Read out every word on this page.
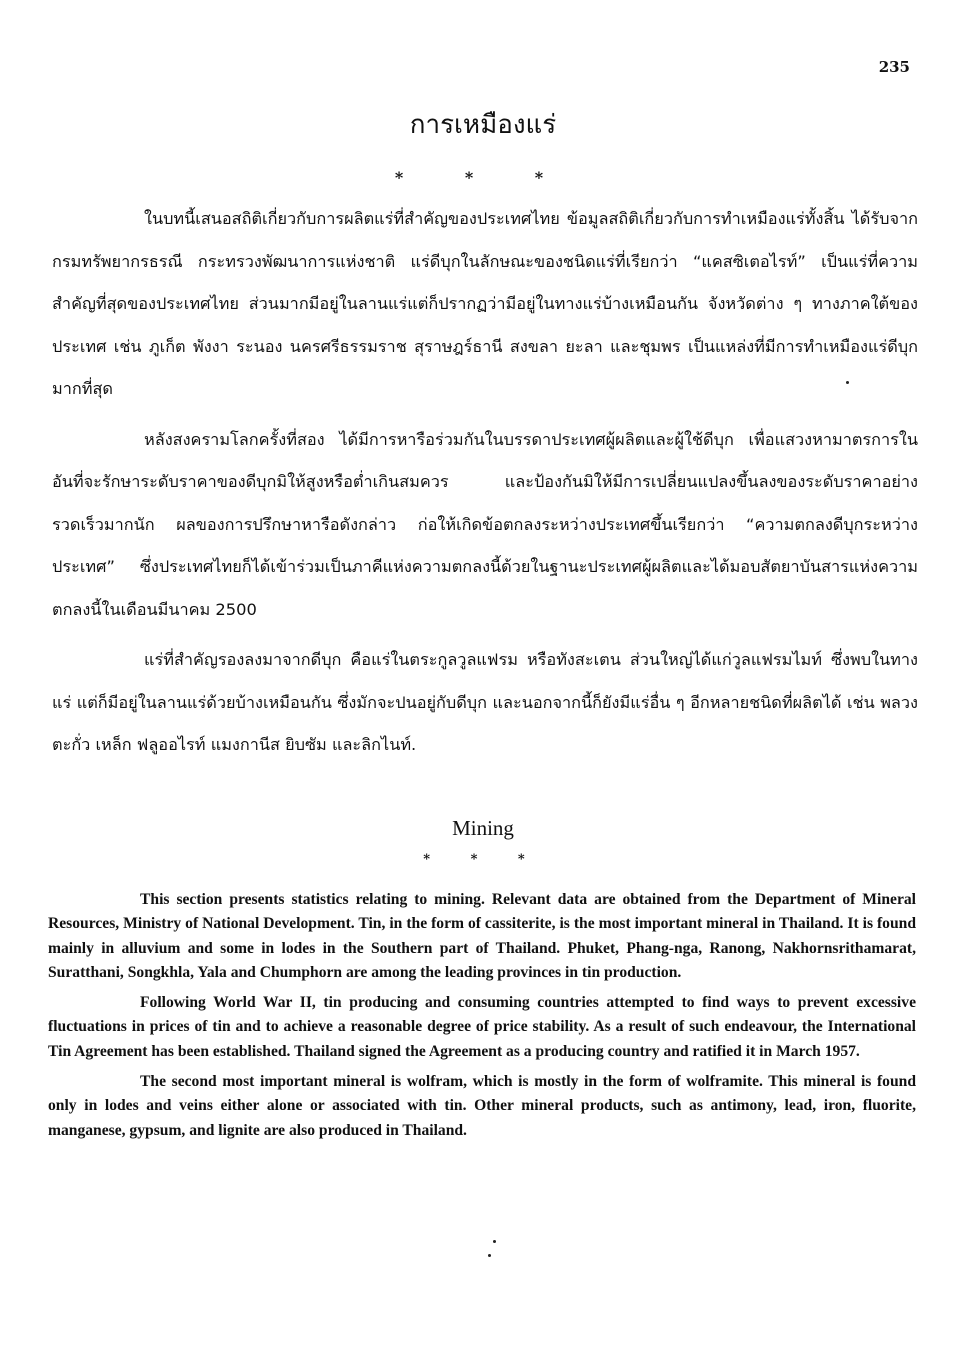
235
การเหมืองแร่
* * *

ในบทนี้เสนอสถิติเกี่ยวกับการผลิตแร่ที่สำคัญของประเทศไทย ข้อมูลสถิติเกี่ยวกับการทำเหมืองแร่ทั้งสิ้น ได้รับจากกรมทรัพยากรธรณี กระทรวงพัฒนาการแห่งชาติ แร่ดีบุกในลักษณะของชนิดแร่ที่เรียกว่า “แคสซิเตอไรท์” เป็นแร่ที่ความสำคัญที่สุดของประเทศไทย ส่วนมากมีอยู่ในลานแร่แต่ก็ปรากฏว่ามีอยู่ในทางแร่บ้างเหมือนกัน จังหวัดต่าง ๆ ทางภาคใต้ของประเทศ เช่น ภูเก็ต พังงา ระนอง นครศรีธรรมราช สุราษฎร์ธานี สงขลา ยะลา และชุมพร เป็นแหล่งที่มีการทำเหมืองแร่ดีบุกมากที่สุด

หลังสงครามโลกครั้งที่สอง ได้มีการหารือร่วมกันในบรรดาประเทศผู้ผลิตและผู้ใช้ดีบุก เพื่อแสวงหามาตรการในอันที่จะรักษาระดับราคาของดีบุกมิให้สูงหรือต่ำเกินสมควร และป้องกันมิให้มีการเปลี่ยนแปลงขึ้นลงของระดับราคาอย่างรวดเร็วมากนัก ผลของการปรึกษาหารือดังกล่าว ก่อให้เกิดข้อตกลงระหว่างประเทศขึ้นเรียกว่า “ความตกลงดีบุกระหว่างประเทศ” ซึ่งประเทศไทยก็ได้เข้าร่วมเป็นภาคีแห่งความตกลงนี้ด้วยในฐานะประเทศผู้ผลิตและได้มอบสัตยาบันสารแห่งความตกลงนี้ในเดือนมีนาคม 2500

แร่ที่สำคัญรองลงมาจากดีบุก คือแร่ในตระกูลวูลแฟรม หรือทังสะเตน ส่วนใหญ่ได้แก่วูลแฟรมไมท์ ซึ่งพบในทางแร่ แต่ก็มีอยู่ในลานแร่ด้วยบ้างเหมือนกัน ซึ่งมักจะปนอยู่กับดีบุก และนอกจากนี้ก็ยังมีแร่อื่น ๆ อีกหลายชนิดที่ผลิตได้ เช่น พลวง ตะกั่ว เหล็ก ฟลูออไรท์ แมงกานีส ยิบซัม และลิกไนท์.

Mining
* * *

This section presents statistics relating to mining. Relevant data are obtained from the Department of Mineral Resources, Ministry of National Development. Tin, in the form of cassiterite, is the most important mineral in Thailand. It is found mainly in alluvium and some in lodes in the Southern part of Thailand. Phuket, Phang-nga, Ranong, Nakhornsrithamarat, Suratthani, Songkhla, Yala and Chumphorn are among the leading provinces in tin production.

Following World War II, tin producing and consuming countries attempted to find ways to prevent excessive fluctuations in prices of tin and to achieve a reasonable degree of price stability. As a result of such endeavour, the International Tin Agreement has been established. Thailand signed the Agreement as a producing country and ratified it in March 1957.

The second most important mineral is wolfram, which is mostly in the form of wolframite. This mineral is found only in lodes and veins either alone or associated with tin. Other mineral products, such as antimony, lead, iron, fluorite, manganese, gypsum, and lignite are also produced in Thailand.
